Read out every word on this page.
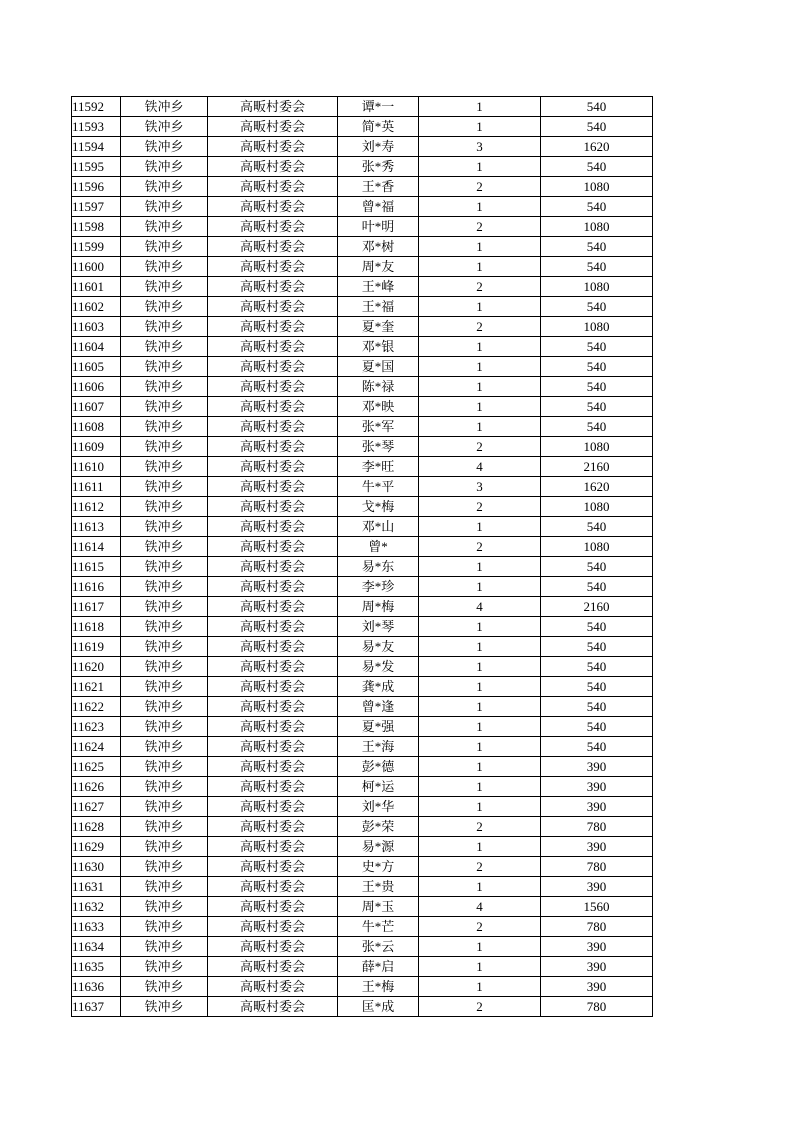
11592	铁冲乡	高畈村委会	谭*一	1	540
11593	铁冲乡	高畈村委会	简*英	1	540
11594	铁冲乡	高畈村委会	刘*寿	3	1620
11595	铁冲乡	高畈村委会	张*秀	1	540
11596	铁冲乡	高畈村委会	王*香	2	1080
11597	铁冲乡	高畈村委会	曾*福	1	540
11598	铁冲乡	高畈村委会	叶*明	2	1080
11599	铁冲乡	高畈村委会	邓*树	1	540
11600	铁冲乡	高畈村委会	周*友	1	540
11601	铁冲乡	高畈村委会	王*峰	2	1080
11602	铁冲乡	高畈村委会	王*福	1	540
11603	铁冲乡	高畈村委会	夏*奎	2	1080
11604	铁冲乡	高畈村委会	邓*银	1	540
11605	铁冲乡	高畈村委会	夏*国	1	540
11606	铁冲乡	高畈村委会	陈*禄	1	540
11607	铁冲乡	高畈村委会	邓*映	1	540
11608	铁冲乡	高畈村委会	张*军	1	540
11609	铁冲乡	高畈村委会	张*琴	2	1080
11610	铁冲乡	高畈村委会	李*旺	4	2160
11611	铁冲乡	高畈村委会	牛*平	3	1620
11612	铁冲乡	高畈村委会	戈*梅	2	1080
11613	铁冲乡	高畈村委会	邓*山	1	540
11614	铁冲乡	高畈村委会	曾*	2	1080
11615	铁冲乡	高畈村委会	易*东	1	540
11616	铁冲乡	高畈村委会	李*珍	1	540
11617	铁冲乡	高畈村委会	周*梅	4	2160
11618	铁冲乡	高畈村委会	刘*琴	1	540
11619	铁冲乡	高畈村委会	易*友	1	540
11620	铁冲乡	高畈村委会	易*发	1	540
11621	铁冲乡	高畈村委会	龚*成	1	540
11622	铁冲乡	高畈村委会	曾*逢	1	540
11623	铁冲乡	高畈村委会	夏*强	1	540
11624	铁冲乡	高畈村委会	王*海	1	540
11625	铁冲乡	高畈村委会	彭*德	1	390
11626	铁冲乡	高畈村委会	柯*运	1	390
11627	铁冲乡	高畈村委会	刘*华	1	390
11628	铁冲乡	高畈村委会	彭*荣	2	780
11629	铁冲乡	高畈村委会	易*源	1	390
11630	铁冲乡	高畈村委会	史*方	2	780
11631	铁冲乡	高畈村委会	王*贵	1	390
11632	铁冲乡	高畈村委会	周*玉	4	1560
11633	铁冲乡	高畈村委会	牛*芒	2	780
11634	铁冲乡	高畈村委会	张*云	1	390
11635	铁冲乡	高畈村委会	薛*启	1	390
11636	铁冲乡	高畈村委会	王*梅	1	390
11637	铁冲乡	高畈村委会	匡*成	2	780
